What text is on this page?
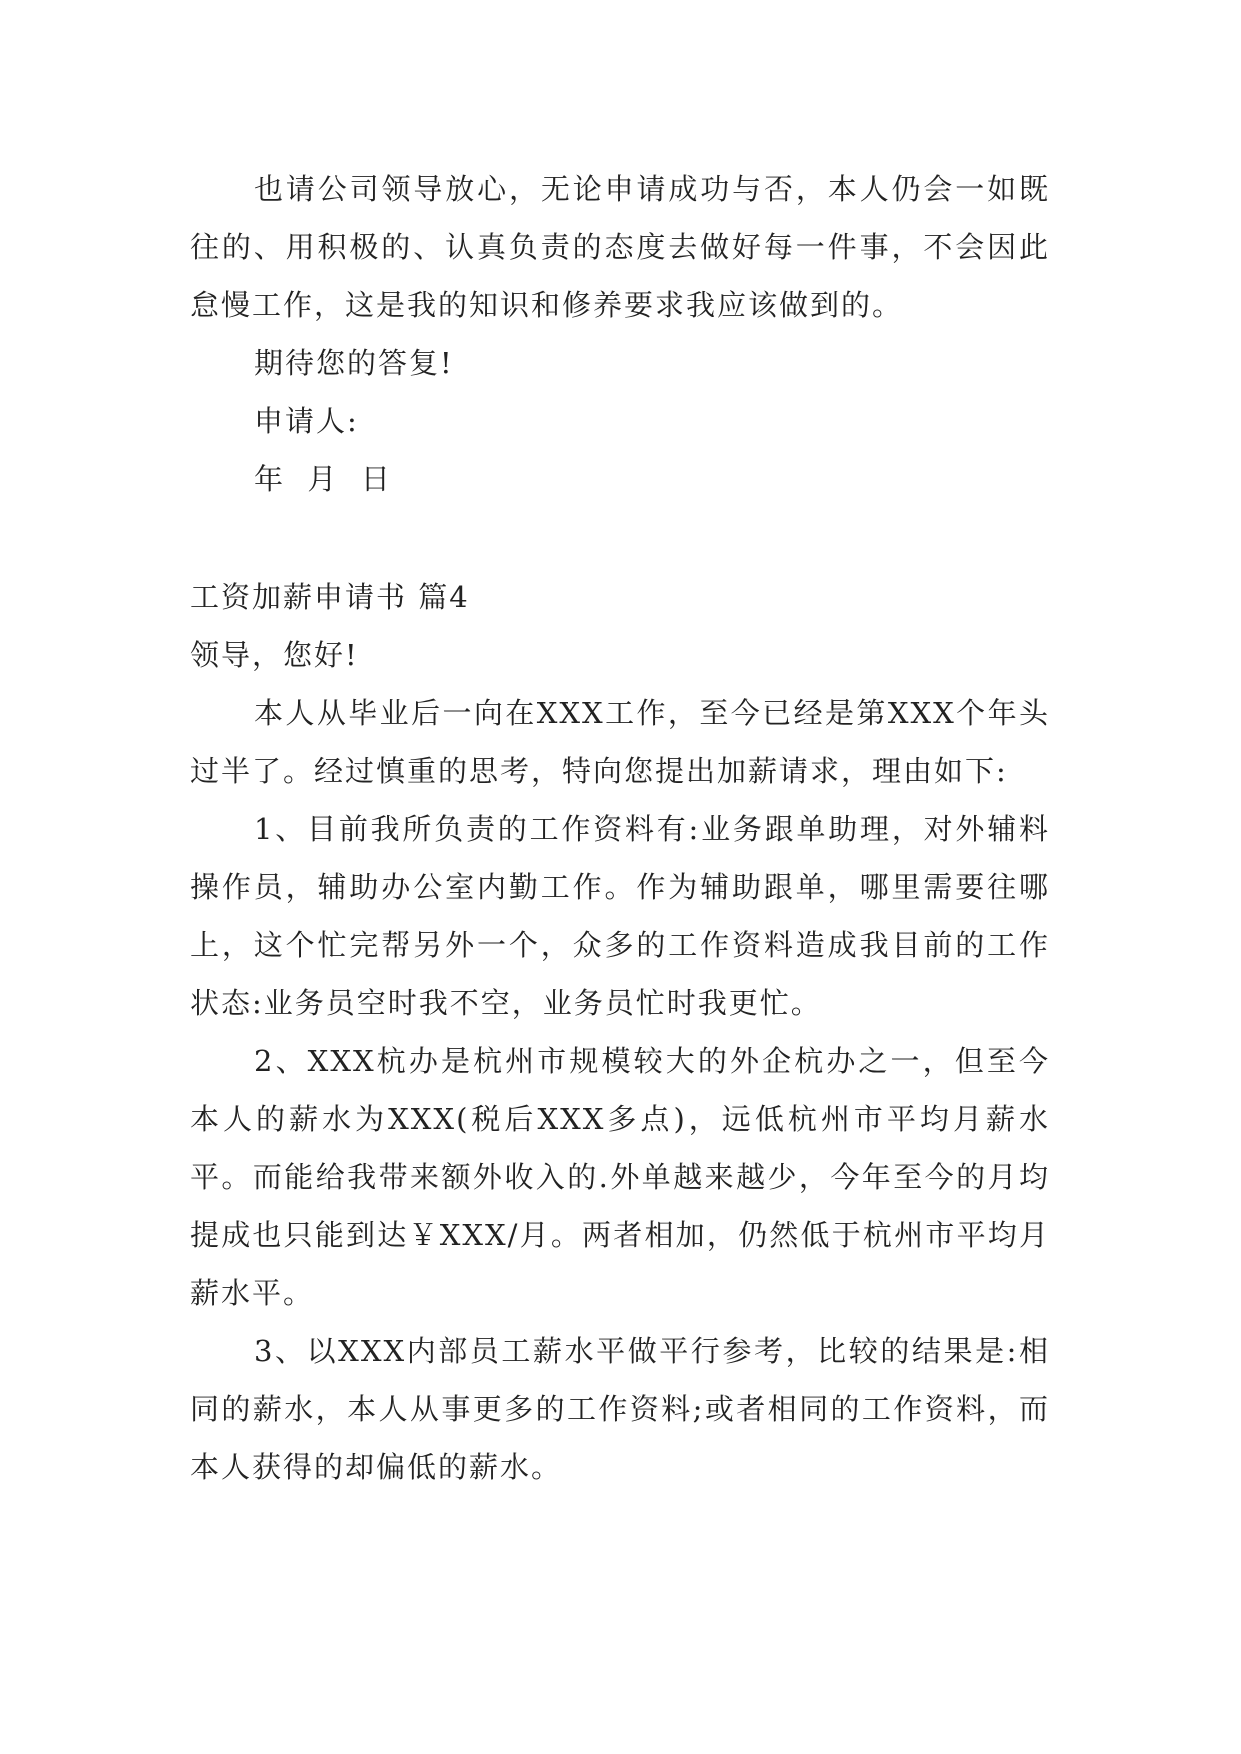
也请公司领导放心，无论申请成功与否，本人仍会一如既往的、用积极的、认真负责的态度去做好每一件事，不会因此怠慢工作，这是我的知识和修养要求我应该做到的。

期待您的答复!

申请人:

年  月  日

工资加薪申请书 篇4

领导，您好!

本人从毕业后一向在XXX工作，至今已经是第XXX个年头过半了。经过慎重的思考，特向您提出加薪请求，理由如下:

1、目前我所负责的工作资料有:业务跟单助理，对外辅料操作员，辅助办公室内勤工作。作为辅助跟单，哪里需要往哪上，这个忙完帮另外一个，众多的工作资料造成我目前的工作状态:业务员空时我不空，业务员忙时我更忙。

2、XXX杭办是杭州市规模较大的外企杭办之一，但至今本人的薪水为XXX(税后XXX多点)，远低杭州市平均月薪水平。而能给我带来额外收入的.外单越来越少，今年至今的月均提成也只能到达￥XXX/月。两者相加，仍然低于杭州市平均月薪水平。

3、以XXX内部员工薪水平做平行参考，比较的结果是:相同的薪水，本人从事更多的工作资料;或者相同的工作资料，而本人获得的却偏低的薪水。
